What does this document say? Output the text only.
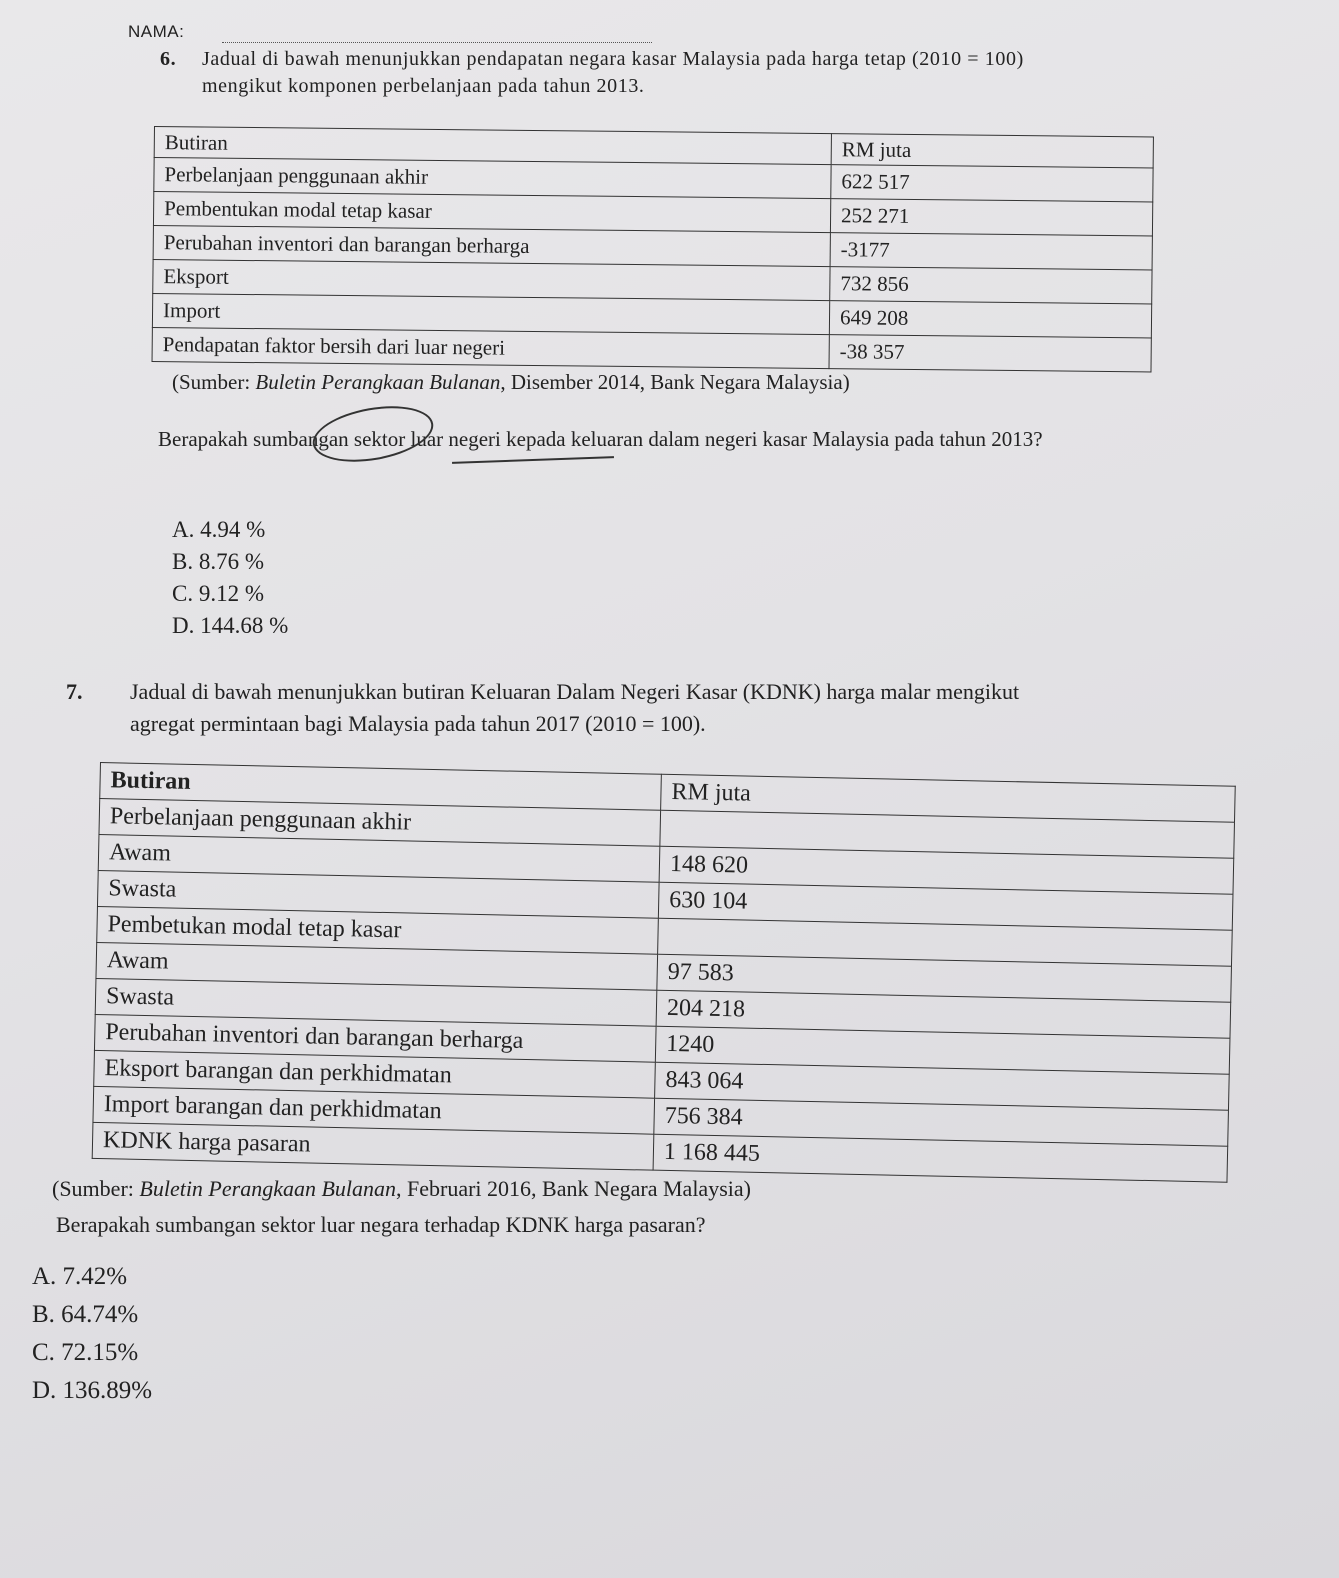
NAMA:
6. Jadual di bawah menunjukkan pendapatan negara kasar Malaysia pada harga tetap (2010 = 100)
mengikut komponen perbelanjaan pada tahun 2013.
Butiran	RM juta
Perbelanjaan penggunaan akhir	622 517
Pembentukan modal tetap kasar	252 271
Perubahan inventori dan barangan berharga	-3177
Eksport	732 856
Import	649 208
Pendapatan faktor bersih dari luar negeri	-38 357
(Sumber: Buletin Perangkaan Bulanan, Disember 2014, Bank Negara Malaysia)
Berapakah sumbangan sektor luar negeri kepada keluaran dalam negeri kasar Malaysia pada tahun 2013?
A. 4.94 %
B. 8.76 %
C. 9.12 %
D. 144.68 %
7. Jadual di bawah menunjukkan butiran Keluaran Dalam Negeri Kasar (KDNK) harga malar mengikut
agregat permintaan bagi Malaysia pada tahun 2017 (2010 = 100).
Butiran	RM juta
Perbelanjaan penggunaan akhir	
Awam	148 620
Swasta	630 104
Pembetukan modal tetap kasar	
Awam	97 583
Swasta	204 218
Perubahan inventori dan barangan berharga	1240
Eksport barangan dan perkhidmatan	843 064
Import barangan dan perkhidmatan	756 384
KDNK harga pasaran	1 168 445
(Sumber: Buletin Perangkaan Bulanan, Februari 2016, Bank Negara Malaysia)
Berapakah sumbangan sektor luar negara terhadap KDNK harga pasaran?
A. 7.42%
B. 64.74%
C. 72.15%
D. 136.89%
